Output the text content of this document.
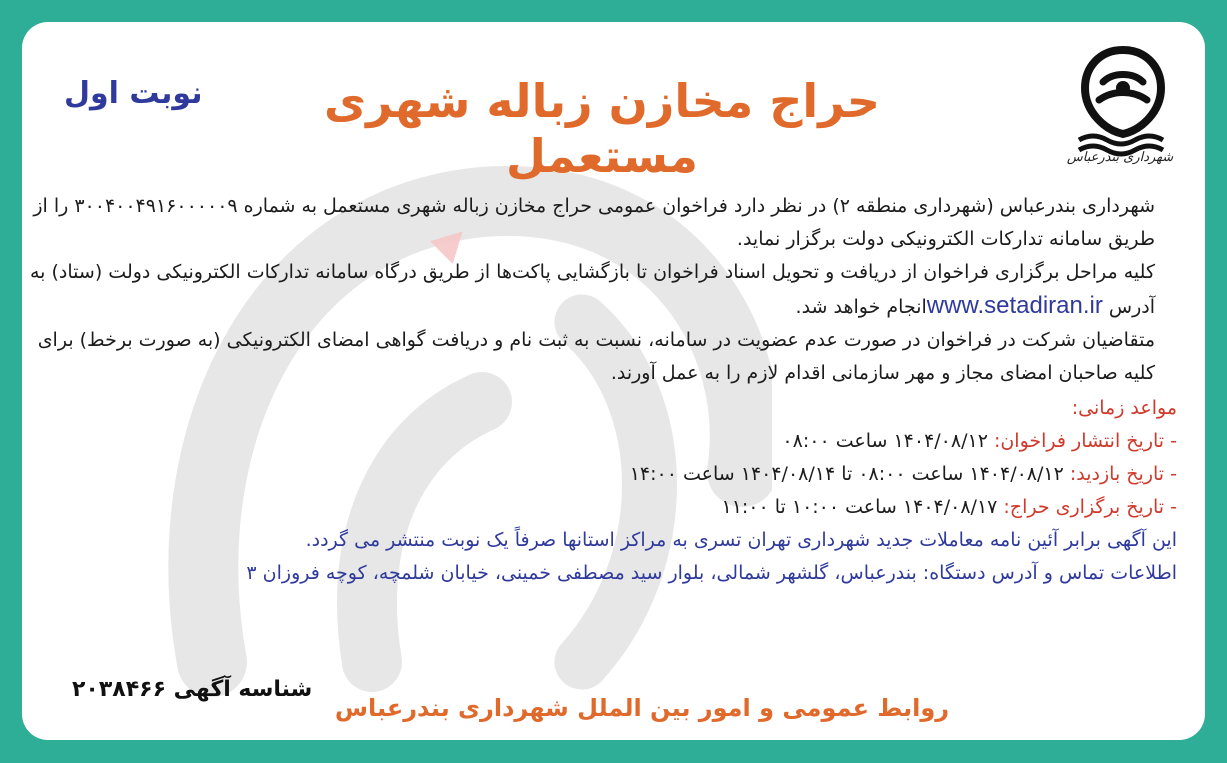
شهرداری بندرعباس
حراج مخازن زباله شهری مستعمل
نوبت اول

شهرداری بندرعباس (شهرداری منطقه ۲) در نظر دارد فراخوان عمومی حراج مخازن زباله شهری مستعمل به شماره ۳۰۰۴۰۰۴۹۱۶۰۰۰۰۰۹ را از طریق سامانه تدارکات الکترونیکی دولت برگزار نماید.

کلیه مراحل برگزاری فراخوان از دریافت و تحویل اسناد فراخوان تا بازگشایی پاکت‌ها از طریق درگاه سامانه تدارکات الکترونیکی دولت (ستاد) به آدرس www.setadiran.irانجام خواهد شد.

متقاضیان شرکت در فراخوان در صورت عدم عضویت در سامانه، نسبت به ثبت نام و دریافت گواهی امضای الکترونیکی (به صورت برخط) برای کلیه صاحبان امضای مجاز و مهر سازمانی اقدام لازم را به عمل آورند.

مواعد زمانی:
- تاریخ انتشار فراخوان: ۱۴۰۴/۰۸/۱۲ ساعت ۰۸:۰۰
- تاریخ بازدید: ۱۴۰۴/۰۸/۱۲ ساعت ۰۸:۰۰ تا ۱۴۰۴/۰۸/۱۴ ساعت ۱۴:۰۰
- تاریخ برگزاری حراج: ۱۴۰۴/۰۸/۱۷ ساعت ۱۰:۰۰ تا ۱۱:۰۰

این آگهی برابر آئین نامه معاملات جدید شهرداری تهران تسری به مراکز استانها صرفاً یک نوبت منتشر می گردد.

اطلاعات تماس و آدرس دستگاه: بندرعباس، گلشهر شمالی، بلوار سید مصطفی خمینی، خیابان شلمچه، کوچه فروزان ۳

شناسه آگهی ۲۰۳۸۴۶۶
روابط عمومی و امور بین الملل شهرداری بندرعباس
